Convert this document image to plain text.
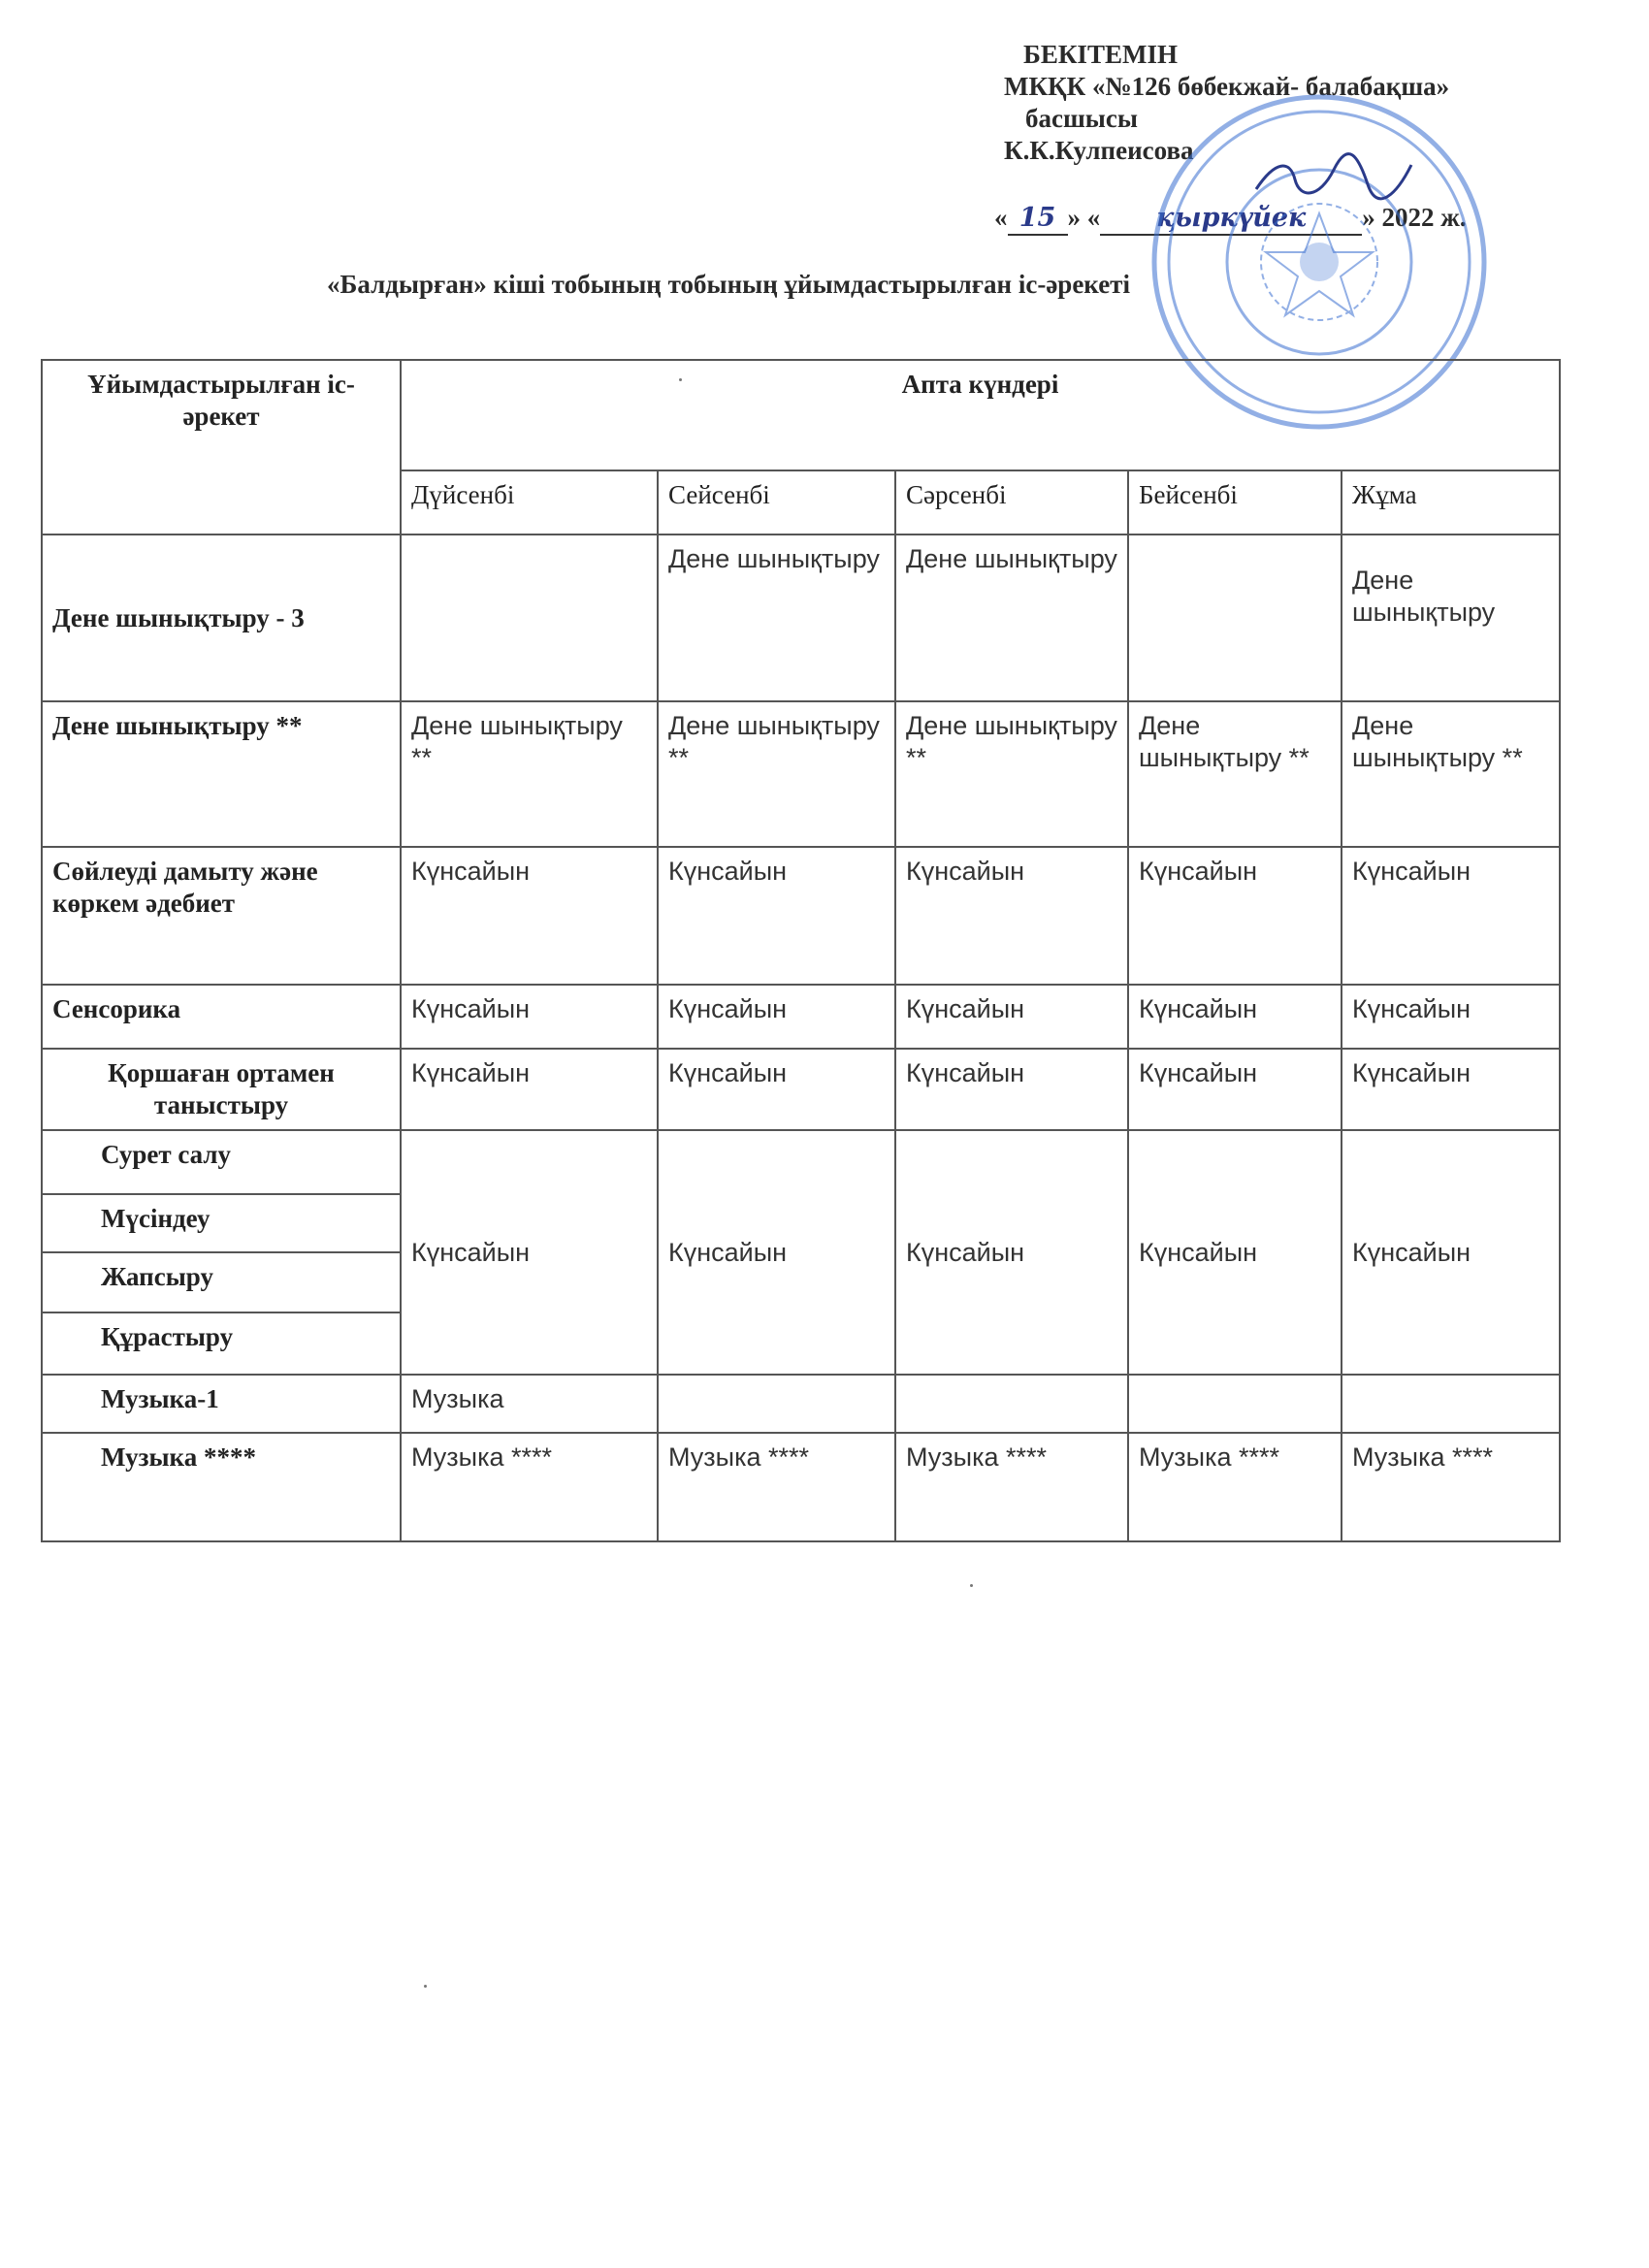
БЕКІТЕМІН
МКҚК «№126 бөбекжай- балабақша»
басшысы
К.К.Кулпеисова
« 15 » « қыркүйек » 2022 ж.
«Балдырған» кіші тобының тобының ұйымдастырылған іс-әрекеті
Ұйымдастырылған іс-әрекет	Апта күндері				
	Дүйсенбі	Сейсенбі	Сәрсенбі	Бейсенбі	Жұма
Дене шынықтыру - 3		Дене шынықтыру	Дене шынықтыру		Дене шынықтыру
Дене шынықтыру **	Дене шынықтыру **	Дене шынықтыру **	Дене шынықтыру **	Дене шынықтыру **	Дене шынықтыру **
Сөйлеуді дамыту және көркем әдебиет	Күнсайын	Күнсайын	Күнсайын	Күнсайын	Күнсайын
Сенсорика	Күнсайын	Күнсайын	Күнсайын	Күнсайын	Күнсайын
Қоршаған ортамен таныстыру	Күнсайын	Күнсайын	Күнсайын	Күнсайын	Күнсайын
Сурет салу	Күнсайын	Күнсайын	Күнсайын	Күнсайын	Күнсайын
Мүсіндеу					
Жапсыру					
Құрастыру					
Музыка-1	Музыка				
Музыка ****	Музыка ****	Музыка ****	Музыка ****	Музыка ****	Музыка ****
